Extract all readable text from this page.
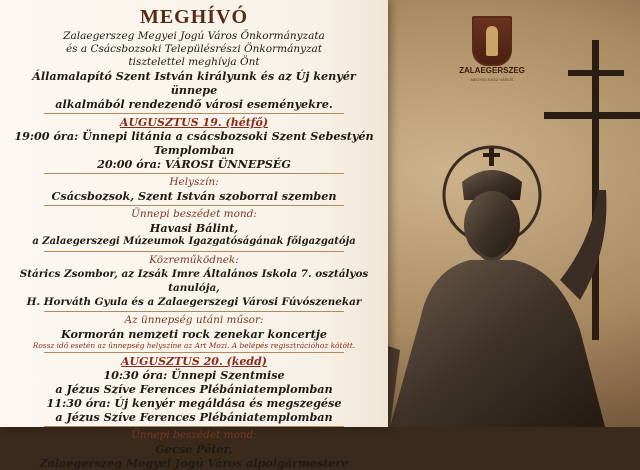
ZALAEGERSZEG
MEGYEI JOGÚ VÁROS
MEGHÍVÓ
Zalaegerszeg Megyei Jogú Város Önkormányzata
és a Csácsbozsoki Településrészi Önkormányzat
tisztelettel meghívja Önt
Államalapító Szent István királyunk és az Új kenyér ünnepe
alkalmából rendezendő városi eseményekre.
AUGUSZTUS 19. (hétfő)
19:00 óra: Ünnepi litánia a csácsbozsoki Szent Sebestyén Templomban
20:00 óra: VÁROSI ÜNNEPSÉG
Helyszín:
Csácsbozsok, Szent István szoborral szemben
Ünnepi beszédet mond:
Havasi Bálint,
a Zalaegerszegi Múzeumok Igazgatóságának főigazgatója
Közreműködnek:
Stárics Zsombor, az Izsák Imre Általános Iskola 7. osztályos tanulója,
H. Horváth Gyula és a Zalaegerszegi Városi Fúvószenekar
Az ünnepség utáni műsor:
Kormorán nemzeti rock zenekar koncertje
Rossz idő esetén az ünnepség helyszíne az Art Mozi. A belépés regisztrációhoz kötött.
AUGUSZTUS 20. (kedd)
10:30 óra: Ünnepi Szentmise
a Jézus Szíve Ferences Plébániatemplomban
11:30 óra: Új kenyér megáldása és megszegése
a Jézus Szíve Ferences Plébániatemplomban
Ünnepi beszédet mond:
Gecse Péter,
Zalaegerszeg Megyei Jogú Város alpolgármestere
